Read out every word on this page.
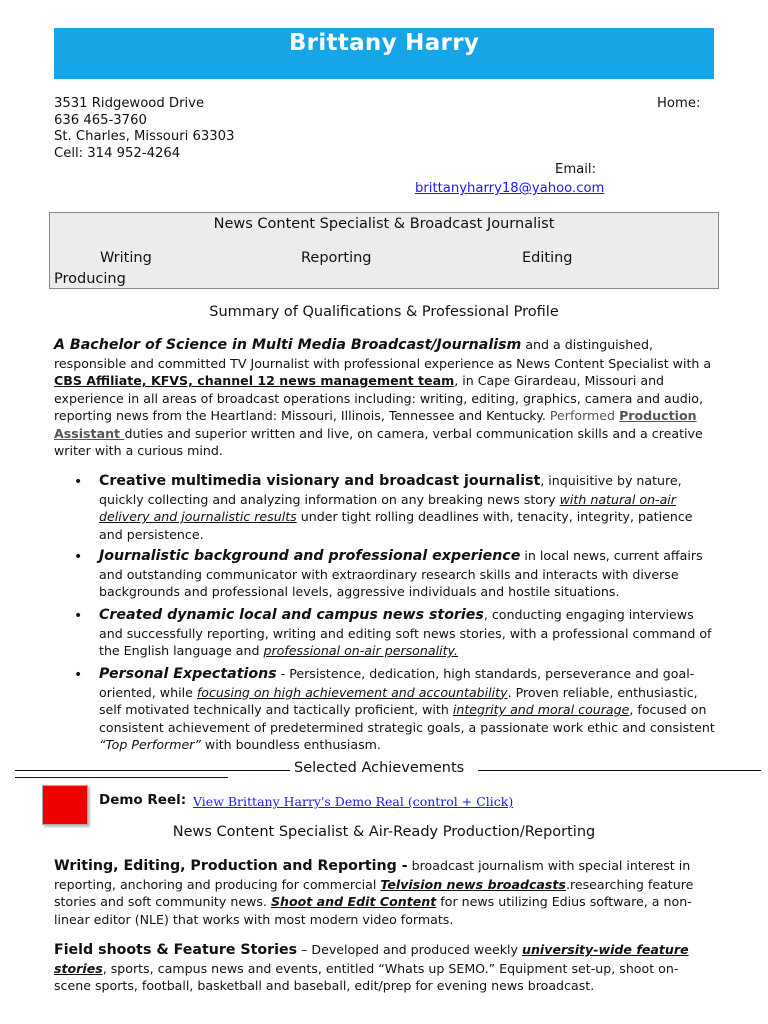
Brittany Harry
3531 Ridgewood Drive
636 465-3760
St. Charles, Missouri 63303
Cell: 314 952-4264
Home:
Email:
brittanyharry18@yahoo.com
News Content Specialist & Broadcast Journalist
Writing	Reporting	Editing
Producing
Summary of Qualifications & Professional Profile
A Bachelor of Science in Multi Media Broadcast/Journalism and a distinguished, responsible and committed TV Journalist with professional experience as News Content Specialist with a CBS Affiliate, KFVS, channel 12 news management team, in Cape Girardeau, Missouri and experience in all areas of broadcast operations including: writing, editing, graphics, camera and audio, reporting news from the Heartland: Missouri, Illinois, Tennessee and Kentucky. Performed Production Assistant duties and superior written and live, on camera, verbal communication skills and a creative writer with a curious mind.
• Creative multimedia visionary and broadcast journalist, inquisitive by nature, quickly collecting and analyzing information on any breaking news story with natural on-air delivery and journalistic results under tight rolling deadlines with, tenacity, integrity, patience and persistence.
• Journalistic background and professional experience in local news, current affairs and outstanding communicator with extraordinary research skills and interacts with diverse backgrounds and professional levels, aggressive individuals and hostile situations.
• Created dynamic local and campus news stories, conducting engaging interviews and successfully reporting, writing and editing soft news stories, with a professional command of the English language and professional on-air personality.
• Personal Expectations - Persistence, dedication, high standards, perseverance and goal-oriented, while focusing on high achievement and accountability. Proven reliable, enthusiastic, self motivated technically and tactically proficient, with integrity and moral courage, focused on consistent achievement of predetermined strategic goals, a passionate work ethic and consistent “Top Performer” with boundless enthusiasm.
Selected Achievements
Demo Reel: View Brittany Harry's Demo Real (control + Click)
News Content Specialist & Air-Ready Production/Reporting
Writing, Editing, Production and Reporting - broadcast journalism with special interest in reporting, anchoring and producing for commercial Telvision news broadcasts.researching feature stories and soft community news. Shoot and Edit Content for news utilizing Edius software, a non-linear editor (NLE) that works with most modern video formats.
Field shoots & Feature Stories – Developed and produced weekly university-wide feature stories, sports, campus news and events, entitled “Whats up SEMO.” Equipment set-up, shoot on-scene sports, football, basketball and baseball, edit/prep for evening news broadcast.
